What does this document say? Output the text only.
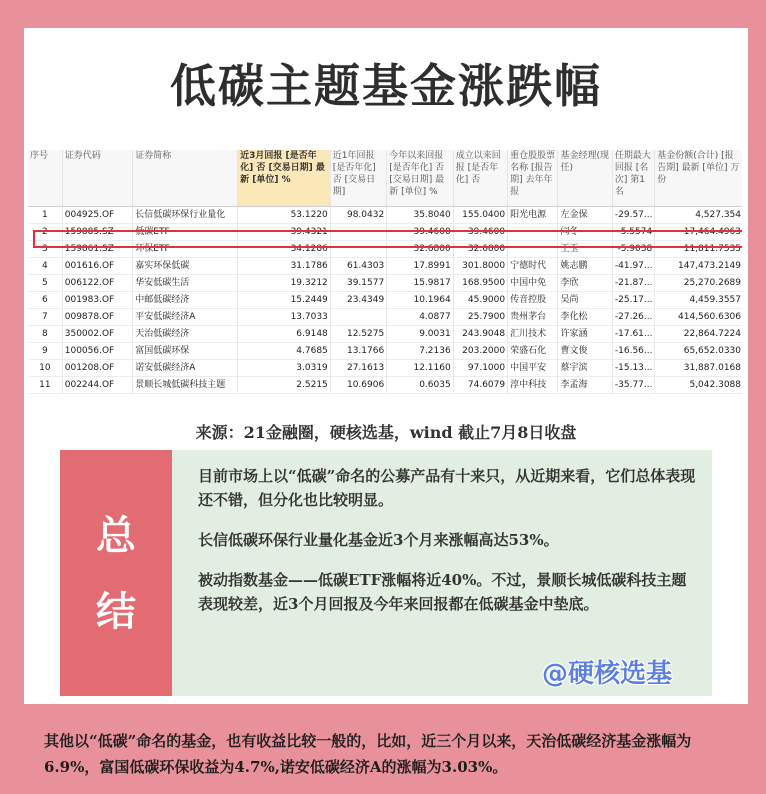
低碳主题基金涨跌幅
序号	证券代码	证券简称	近3月回报 [是否年化] 否 [交易日期] 最新 [单位] %	近1年回报 [是否年化] 否 [交易日期]	今年以来回报 [是否年化] 否 [交易日期] 最新 [单位] %	成立以来回报 [是否年化] 否	重仓股股票名称 [报告期] 去年年报	基金经理(现任)	任期最大回报 [名次] 第1名	基金份额(合计) [报告期] 最新 [单位] 万份
1	004925.OF	长信低碳环保行业量化	53.1220	98.0432	35.8040	155.0400	阳光电源	左金保	-29.57...	4,527.354
2	159885.SZ	低碳ETF	39.4321		39.4600	39.4600		闫冬	-5.5574	17,464.4963
3	159861.SZ	环保ETF	34.1286		32.6800	32.6800		王玉	-5.9038	11,811.7535
4	001616.OF	嘉实环保低碳	31.1786	61.4303	17.8991	301.8000	宁德时代	姚志鹏	-41.97...	147,473.2149
5	006122.OF	华安低碳生活	19.3212	39.1577	15.9817	168.9500	中国中免	李欣	-21.87...	25,270.2689
6	001983.OF	中邮低碳经济	15.2449	23.4349	10.1964	45.9000	传音控股	吴尚	-25.17...	4,459.3557
7	009878.OF	平安低碳经济A	13.7033		4.0877	25.7900	贵州茅台	李化松	-27.26...	414,560.6306
8	350002.OF	天治低碳经济	6.9148	12.5275	9.0031	243.9048	汇川技术	许家涵	-17.61...	22,864.7224
9	100056.OF	富国低碳环保	4.7685	13.1766	7.2136	203.2000	荣盛石化	曹文俊	-16.56...	65,652.0330
10	001208.OF	诺安低碳经济A	3.0319	27.1613	12.1160	97.1000	中国平安	蔡宇滨	-15.13...	31,887.0168
11	002244.OF	景顺长城低碳科技主题	2.5215	10.6906	0.6035	74.6079	淳中科技	李孟海	-35.77...	5,042.3088
来源：21金融圈，硬核选基，wind 截止7月8日收盘
总
结

目前市场上以“低碳”命名的公募产品有十来只，从近期来看，它们总体表现还不错，但分化也比较明显。

长信低碳环保行业量化基金近3个月来涨幅高达53%。

被动指数基金——低碳ETF涨幅将近40%。不过，景顺长城低碳科技主题表现较差，近3个月回报及今年来回报都在低碳基金中垫底。

@硬核选基
其他以“低碳”命名的基金，也有收益比较一般的，比如，近三个月以来，天治低碳经济基金涨幅为6.9%，富国低碳环保收益为4.7%,诺安低碳经济A的涨幅为3.03%。
